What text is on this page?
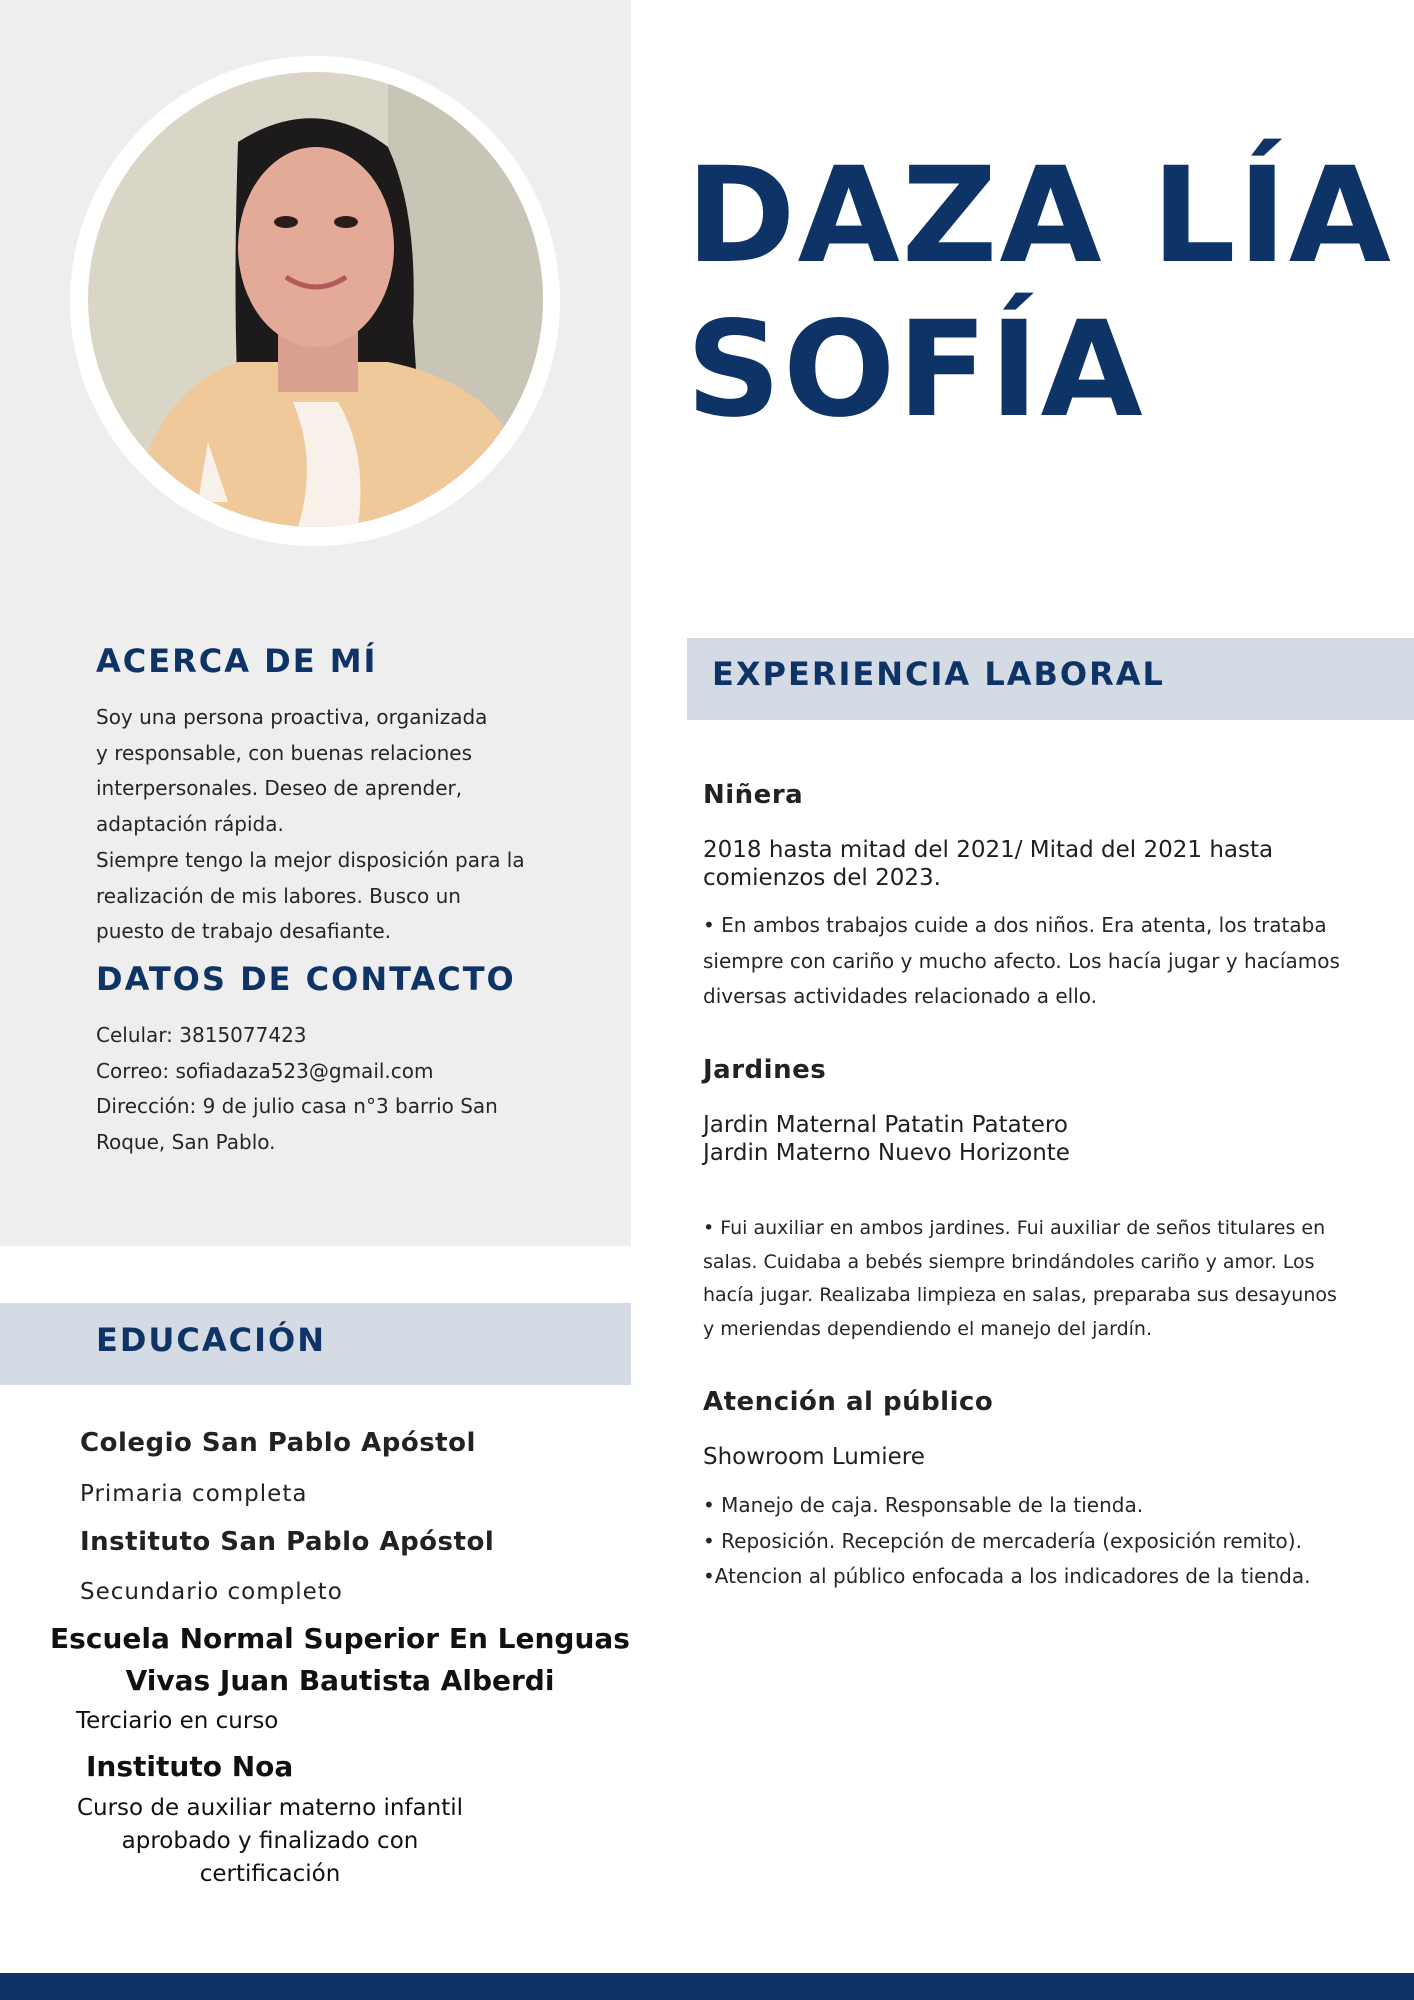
DAZA LÍA
SOFÍA
ACERCA DE MÍ
Soy una persona proactiva, organizada
y responsable, con buenas relaciones
interpersonales. Deseo de aprender,
adaptación rápida.
Siempre tengo la mejor disposición para la
realización de mis labores. Busco un
puesto de trabajo desafiante.
DATOS DE CONTACTO
Celular: 3815077423
Correo: sofiadaza523@gmail.com
Dirección: 9 de julio casa n°3 barrio San
Roque, San Pablo.
EDUCACIÓN
Colegio San Pablo Apóstol
Primaria completa
Instituto San Pablo Apóstol
Secundario completo
Escuela Normal Superior En Lenguas
Vivas Juan Bautista Alberdi
Terciario en curso
Instituto Noa
Curso de auxiliar materno infantil
aprobado y finalizado con
certificación
EXPERIENCIA LABORAL
Niñera
2018 hasta mitad del 2021/ Mitad del 2021 hasta
comienzos del 2023.
• En ambos trabajos cuide a dos niños. Era atenta, los trataba
siempre con cariño y mucho afecto. Los hacía jugar y hacíamos
diversas actividades relacionado a ello.
Jardines
Jardin Maternal Patatin Patatero
Jardin Materno Nuevo Horizonte
• Fui auxiliar en ambos jardines. Fui auxiliar de seños titulares en
salas. Cuidaba a bebés siempre brindándoles cariño y amor. Los
hacía jugar. Realizaba limpieza en salas, preparaba sus desayunos
y meriendas dependiendo el manejo del jardín.
Atención al público
Showroom Lumiere
• Manejo de caja. Responsable de la tienda.
• Reposición. Recepción de mercadería (exposición remito).
•Atencion al público enfocada a los indicadores de la tienda.
